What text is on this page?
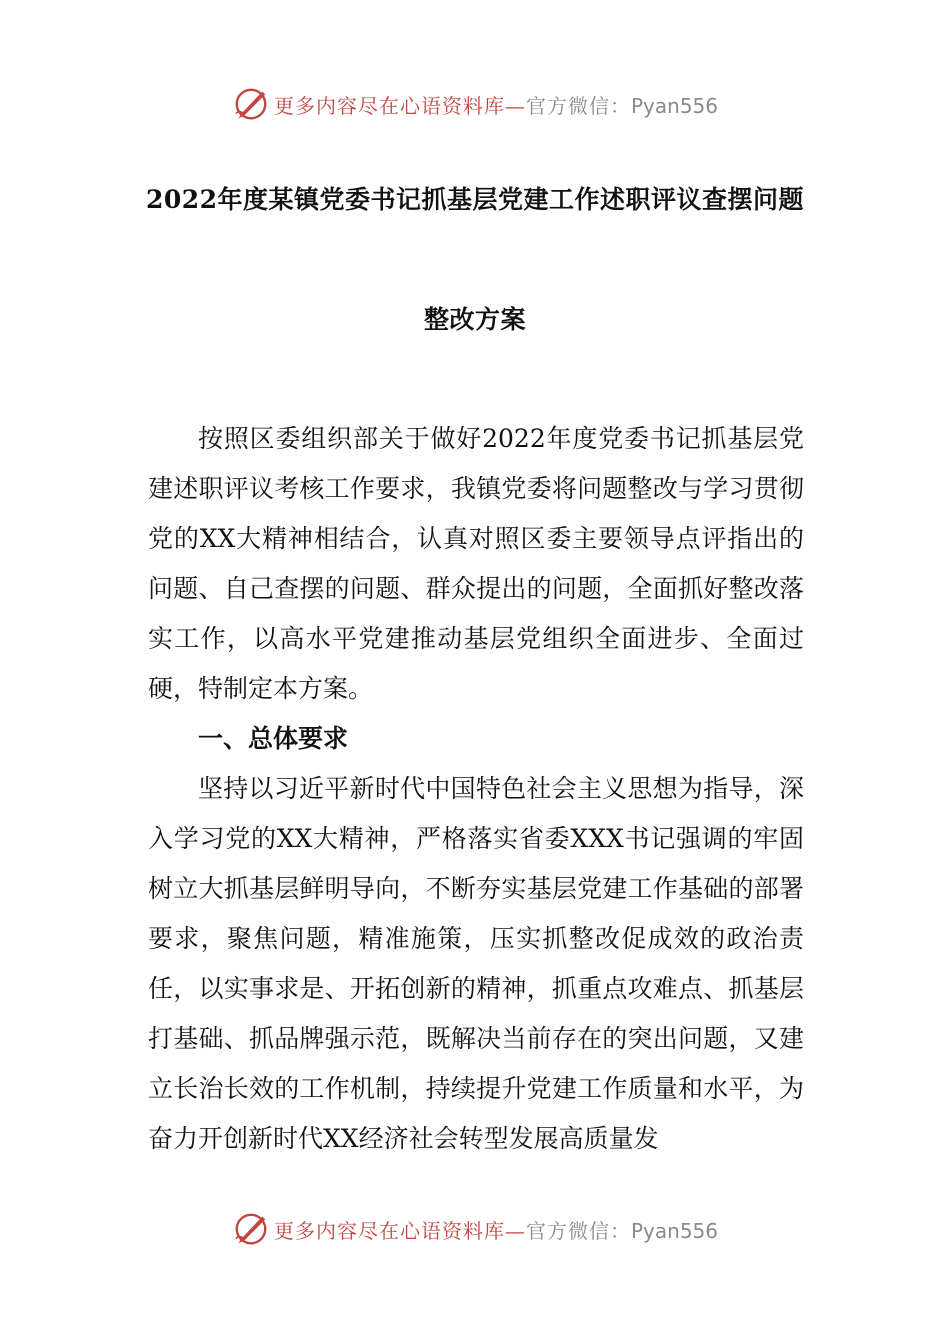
更多内容尽在心语资料库—官方微信：Pyan556
2022年度某镇党委书记抓基层党建工作述职评议查摆问题
整改方案

按照区委组织部关于做好2022年度党委书记抓基层党建述职评议考核工作要求，我镇党委将问题整改与学习贯彻党的XX大精神相结合，认真对照区委主要领导点评指出的问题、自己查摆的问题、群众提出的问题，全面抓好整改落实工作，以高水平党建推动基层党组织全面进步、全面过硬，特制定本方案。

一、总体要求

坚持以习近平新时代中国特色社会主义思想为指导，深入学习党的XX大精神，严格落实省委XXX书记强调的牢固树立大抓基层鲜明导向，不断夯实基层党建工作基础的部署要求，聚焦问题，精准施策，压实抓整改促成效的政治责任，以实事求是、开拓创新的精神，抓重点攻难点、抓基层打基础、抓品牌强示范，既解决当前存在的突出问题，又建立长治长效的工作机制，持续提升党建工作质量和水平，为奋力开创新时代XX经济社会转型发展高质量发

更多内容尽在心语资料库—官方微信：Pyan556
